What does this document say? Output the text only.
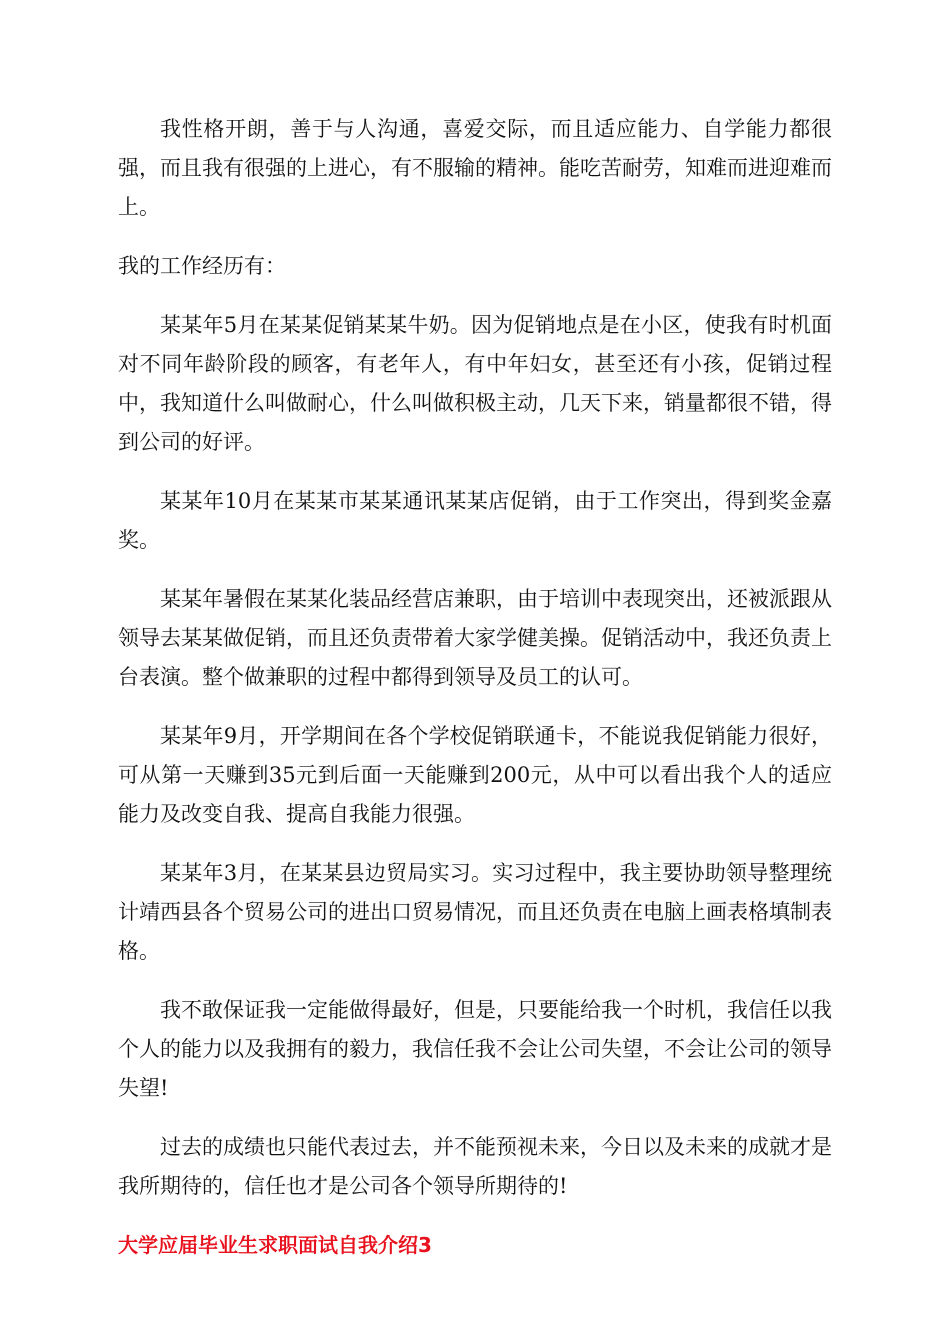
我性格开朗，善于与人沟通，喜爱交际，而且适应能力、自学能力都很强，而且我有很强的上进心，有不服输的精神。能吃苦耐劳，知难而进迎难而上。

我的工作经历有：

某某年5月在某某促销某某牛奶。因为促销地点是在小区，使我有时机面对不同年龄阶段的顾客，有老年人，有中年妇女，甚至还有小孩，促销过程中，我知道什么叫做耐心，什么叫做积极主动，几天下来，销量都很不错，得到公司的好评。

某某年10月在某某市某某通讯某某店促销，由于工作突出，得到奖金嘉奖。

某某年暑假在某某化装品经营店兼职，由于培训中表现突出，还被派跟从领导去某某做促销，而且还负责带着大家学健美操。促销活动中，我还负责上台表演。整个做兼职的过程中都得到领导及员工的认可。

某某年9月，开学期间在各个学校促销联通卡，不能说我促销能力很好，可从第一天赚到35元到后面一天能赚到200元，从中可以看出我个人的适应能力及改变自我、提高自我能力很强。

某某年3月，在某某县边贸局实习。实习过程中，我主要协助领导整理统计靖西县各个贸易公司的进出口贸易情况，而且还负责在电脑上画表格填制表格。

我不敢保证我一定能做得最好，但是，只要能给我一个时机，我信任以我个人的能力以及我拥有的毅力，我信任我不会让公司失望，不会让公司的领导失望!

过去的成绩也只能代表过去，并不能预视未来，今日以及未来的成就才是我所期待的，信任也才是公司各个领导所期待的!

大学应届毕业生求职面试自我介绍3
